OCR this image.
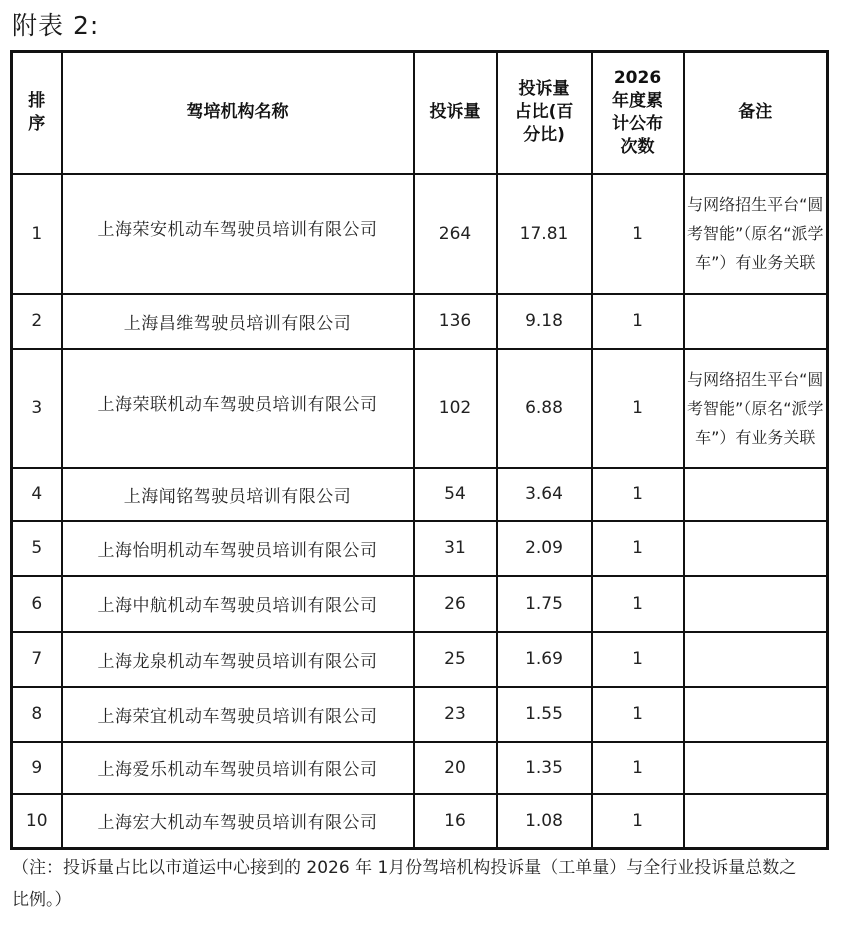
附表 2:
排序	驾培机构名称	投诉量	投诉量占比(百分比)	2026年度累计公布次数	备注
1	上海荣安机动车驾驶员培训有限公司	264	17.81	1	与网络招生平台“圆考智能”（原名“派学车”）有业务关联
2	上海昌维驾驶员培训有限公司	136	9.18	1	
3	上海荣联机动车驾驶员培训有限公司	102	6.88	1	与网络招生平台“圆考智能”（原名“派学车”）有业务关联
4	上海闻铭驾驶员培训有限公司	54	3.64	1	
5	上海怡明机动车驾驶员培训有限公司	31	2.09	1	
6	上海中航机动车驾驶员培训有限公司	26	1.75	1	
7	上海龙泉机动车驾驶员培训有限公司	25	1.69	1	
8	上海荣宜机动车驾驶员培训有限公司	23	1.55	1	
9	上海爱乐机动车驾驶员培训有限公司	20	1.35	1	
10	上海宏大机动车驾驶员培训有限公司	16	1.08	1	
（注：投诉量占比以市道运中心接到的 2026 年 1月份驾培机构投诉量（工单量）与全行业投诉量总数之比例。）
